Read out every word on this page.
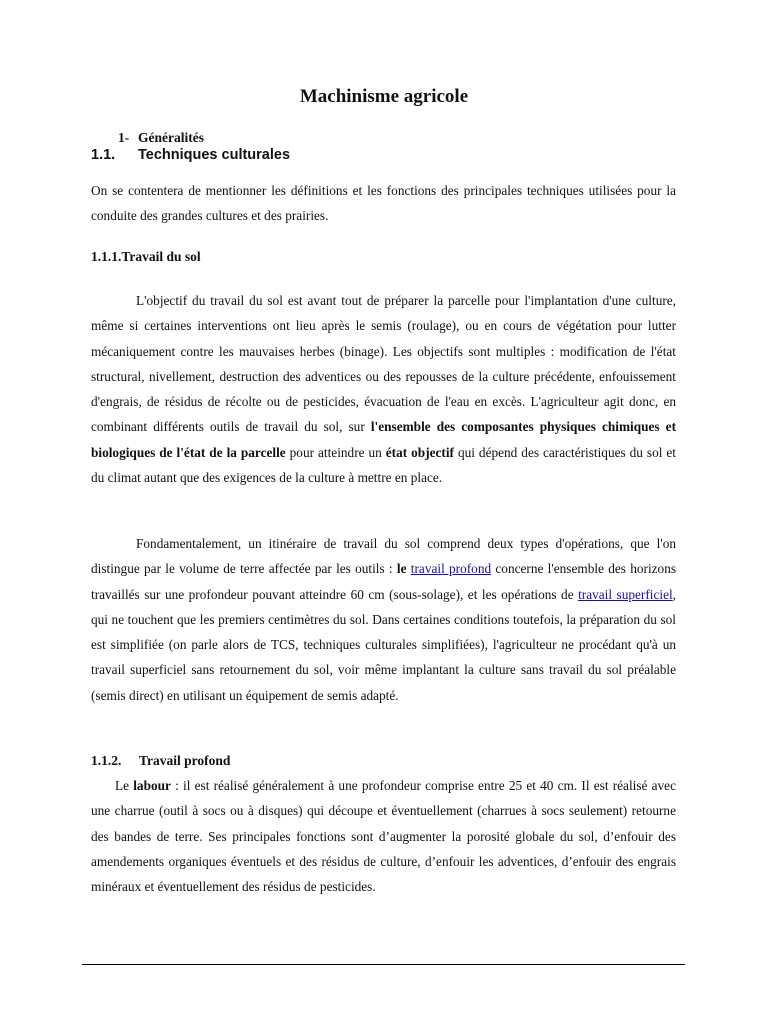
Machinisme agricole
1- Généralités
1.1. Techniques culturales

On se contentera de mentionner les définitions et les fonctions des principales techniques utilisées pour la conduite des grandes cultures et des prairies.

1.1.1.Travail du sol

L'objectif du travail du sol est avant tout de préparer la parcelle pour l'implantation d'une culture, même si certaines interventions ont lieu après le semis (roulage), ou en cours de végétation pour lutter mécaniquement contre les mauvaises herbes (binage). Les objectifs sont multiples : modification de l'état structural, nivellement, destruction des adventices ou des repousses de la culture précédente, enfouissement d'engrais, de résidus de récolte ou de pesticides, évacuation de l'eau en excès. L'agriculteur agit donc, en combinant différents outils de travail du sol, sur l'ensemble des composantes physiques chimiques et biologiques de l'état de la parcelle pour atteindre un état objectif qui dépend des caractéristiques du sol et du climat autant que des exigences de la culture à mettre en place.

Fondamentalement, un itinéraire de travail du sol comprend deux types d'opérations, que l'on distingue par le volume de terre affectée par les outils : le travail profond concerne l'ensemble des horizons travaillés sur une profondeur pouvant atteindre 60 cm (sous-solage), et les opérations de travail superficiel, qui ne touchent que les premiers centimètres du sol. Dans certaines conditions toutefois, la préparation du sol est simplifiée (on parle alors de TCS, techniques culturales simplifiées), l'agriculteur ne procédant qu'à un travail superficiel sans retournement du sol, voir même implantant la culture sans travail du sol préalable (semis direct) en utilisant un équipement de semis adapté.

1.1.2. Travail profond

Le labour : il est réalisé généralement à une profondeur comprise entre 25 et 40 cm. Il est réalisé avec une charrue (outil à socs ou à disques) qui découpe et éventuellement (charrues à socs seulement) retourne des bandes de terre. Ses principales fonctions sont d’augmenter la porosité globale du sol, d’enfouir des amendements organiques éventuels et des résidus de culture, d’enfouir les adventices, d’enfouir des engrais minéraux et éventuellement des résidus de pesticides.
